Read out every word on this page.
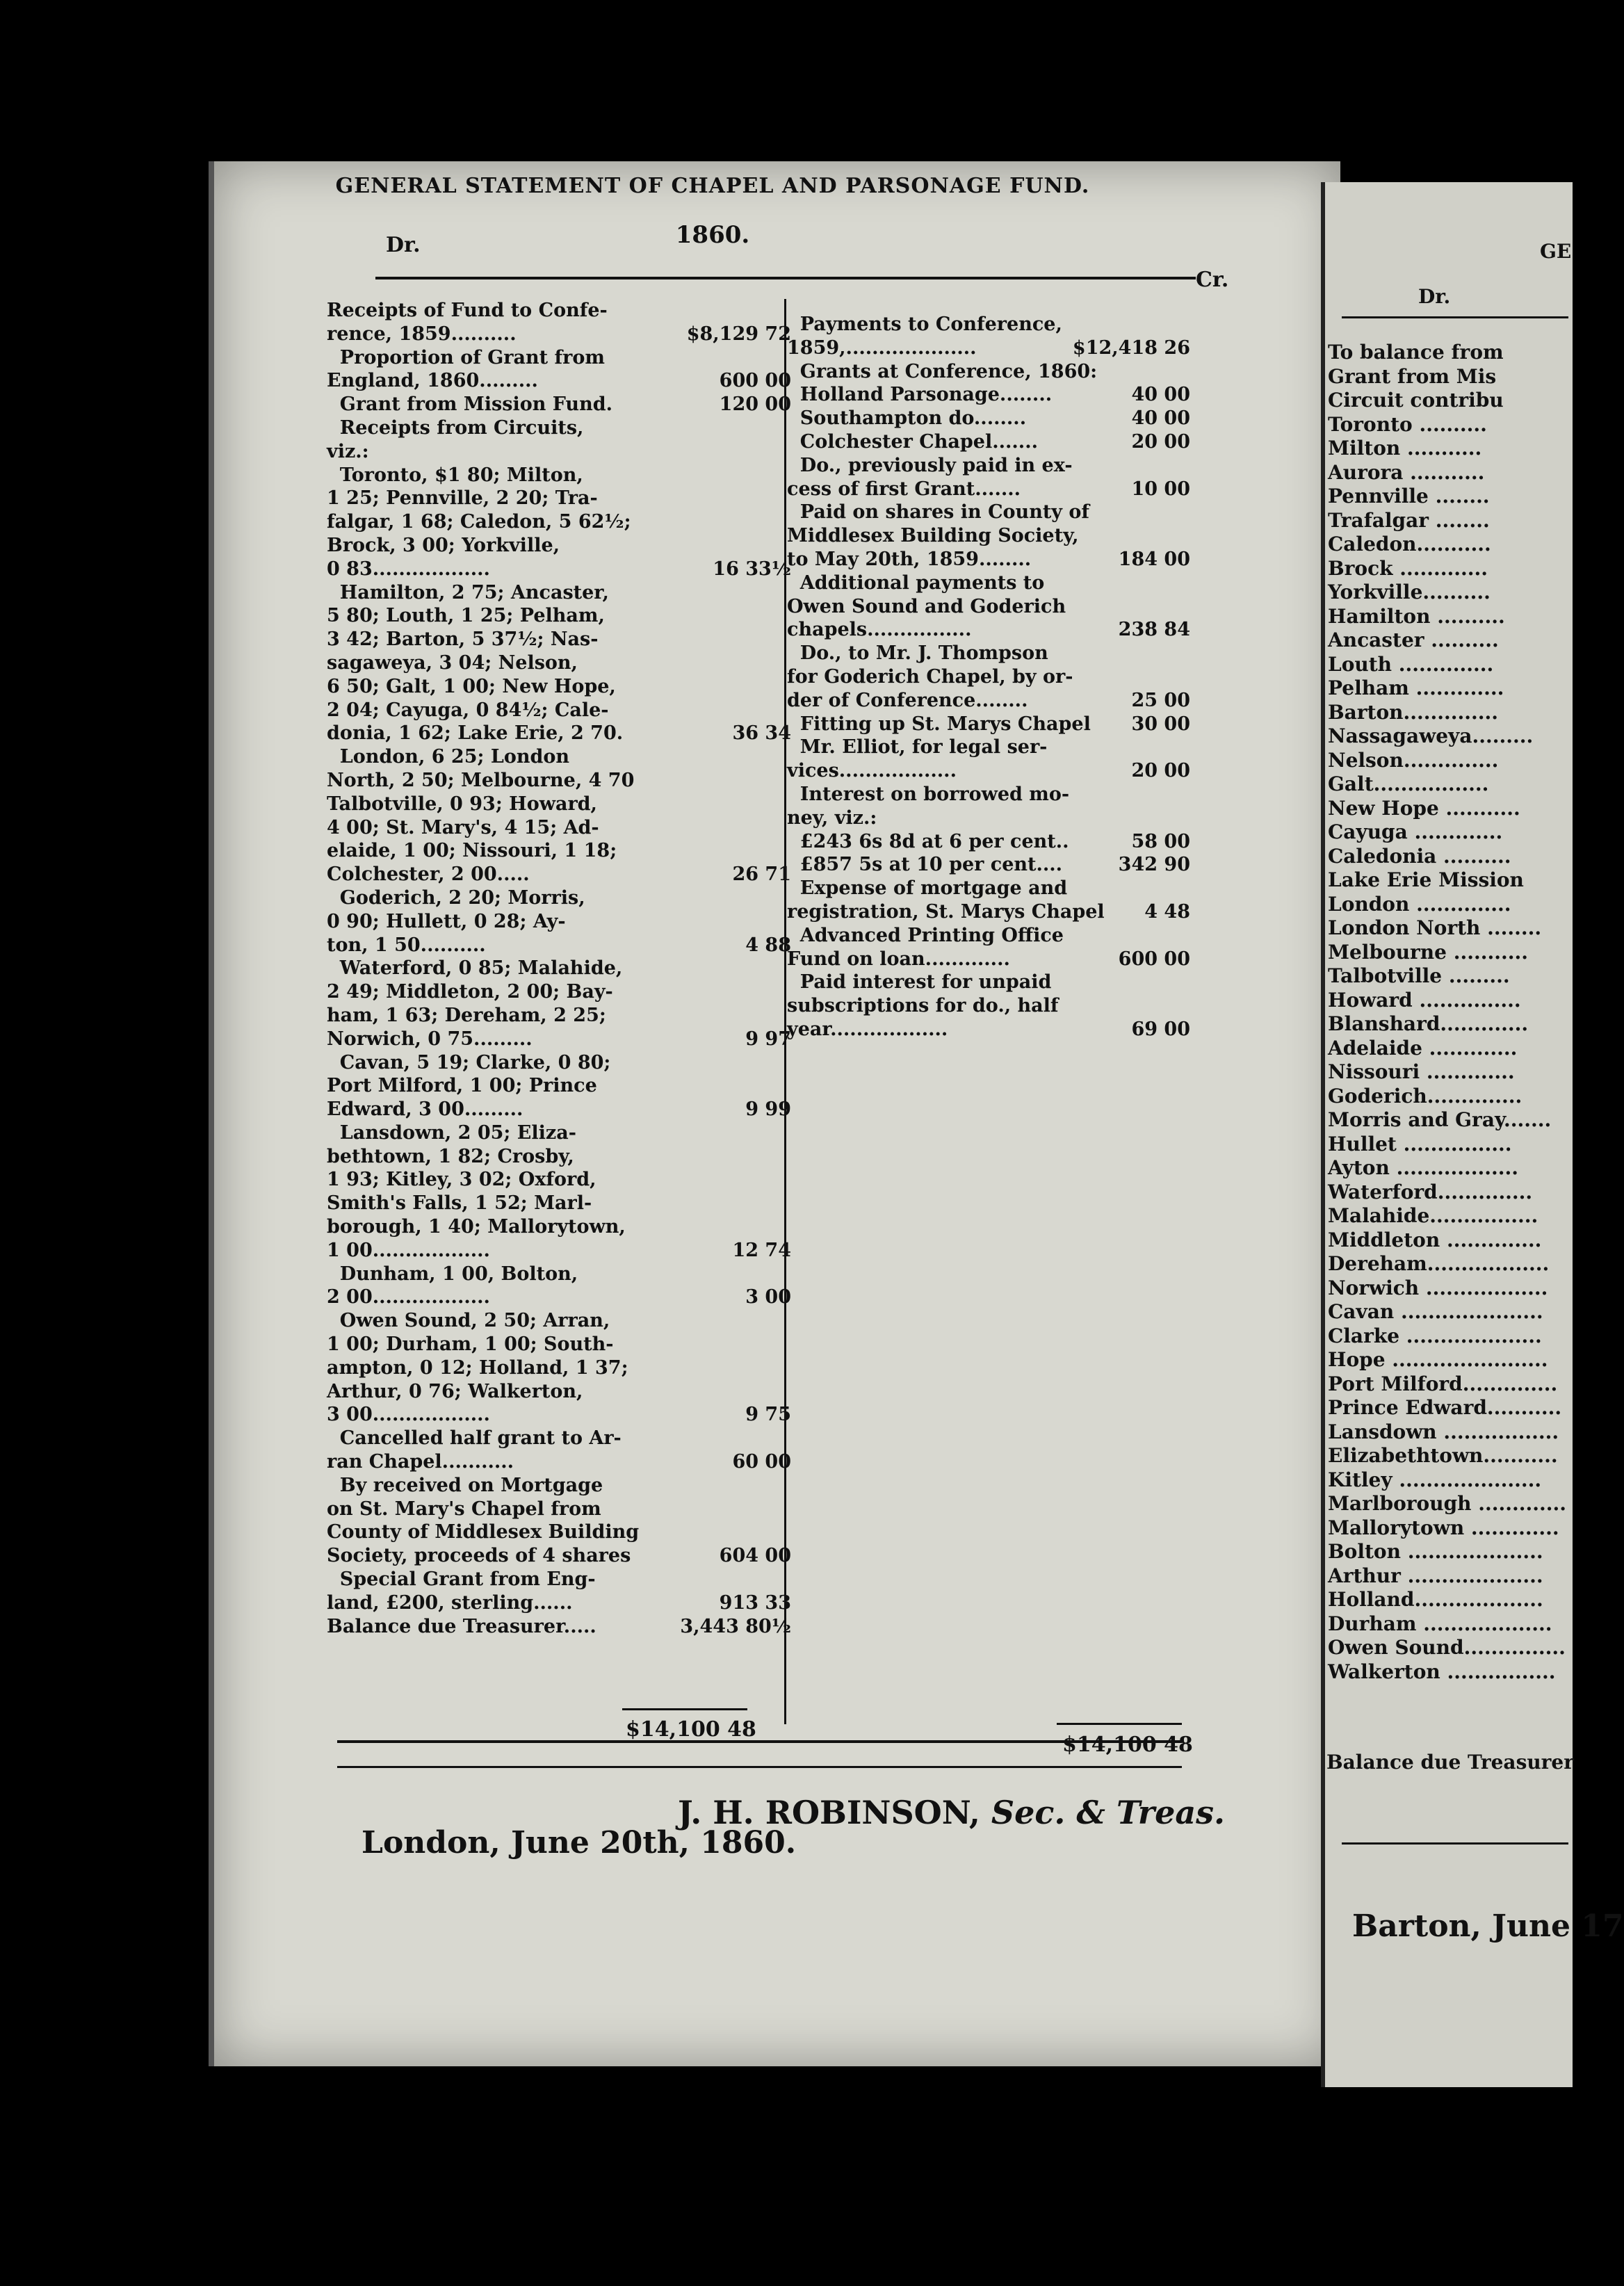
GENERAL STATEMENT OF CHAPEL AND PARSONAGE FUND.
1860.
Dr.
Cr.
Receipts of Fund to Confe-
rence, 1859..........	$8,129 72
Proportion of Grant from
England, 1860.........	600 00
Grant from Mission Fund.	120 00
Receipts from Circuits,
viz.:
Toronto, $1 80; Milton,
1 25; Pennville, 2 20; Tra-
falgar, 1 68; Caledon, 5 62½;
Brock, 3 00; Yorkville,
0 83..................	16 33½
Hamilton, 2 75; Ancaster,
5 80; Louth, 1 25; Pelham,
3 42; Barton, 5 37½; Nas-
sagaweya, 3 04; Nelson,
6 50; Galt, 1 00; New Hope,
2 04; Cayuga, 0 84½; Cale-
donia, 1 62; Lake Erie, 2 70.	36 34
London, 6 25; London
North, 2 50; Melbourne, 4 70
Talbotville, 0 93; Howard,
4 00; St. Mary's, 4 15; Ad-
elaide, 1 00; Nissouri, 1 18;
Colchester, 2 00.....	26 71
Goderich, 2 20; Morris,
0 90; Hullett, 0 28; Ay-
ton, 1 50..........	4 88
Waterford, 0 85; Malahide,
2 49; Middleton, 2 00; Bay-
ham, 1 63; Dereham, 2 25;
Norwich, 0 75.........	9 97
Cavan, 5 19; Clarke, 0 80;
Port Milford, 1 00; Prince
Edward, 3 00.........	9 99
Lansdown, 2 05; Eliza-
bethtown, 1 82; Crosby,
1 93; Kitley, 3 02; Oxford,
Smith's Falls, 1 52; Marl-
borough, 1 40; Mallorytown,
1 00..................	12 74
Dunham, 1 00, Bolton,
2 00..................	3 00
Owen Sound, 2 50; Arran,
1 00; Durham, 1 00; South-
ampton, 0 12; Holland, 1 37;
Arthur, 0 76; Walkerton,
3 00..................	9 75
Cancelled half grant to Ar-
ran Chapel...........	60 00
By received on Mortgage
on St. Mary's Chapel from
County of Middlesex Building
Society, proceeds of 4 shares	604 00
Special Grant from Eng-
land, £200, sterling......	913 33
Balance due Treasurer.....	3,443 80½
Payments to Conference,
1859,....................	$12,418 26
Grants at Conference, 1860:
Holland Parsonage........	40 00
Southampton do........	40 00
Colchester Chapel.......	20 00
Do., previously paid in ex-
cess of first Grant.......	10 00
Paid on shares in County of
Middlesex Building Society,
to May 20th, 1859........	184 00
Additional payments to
Owen Sound and Goderich
chapels................	238 84
Do., to Mr. J. Thompson
for Goderich Chapel, by or-
der of Conference........	25 00
Fitting up St. Marys Chapel 30 00
Mr. Elliot, for legal ser-
vices..................	20 00
Interest on borrowed mo-
ney, viz.:
£243 6s 8d at 6 per cent..	58 00
£857 5s at 10 per cent....	342 90
Expense of mortgage and
registration, St. Marys Chapel 4 48
Advanced Printing Office
Fund on loan.............	600 00
Paid interest for unpaid
subscriptions for do., half
year..................	69 00
$14,100 48
$14,100 48
J. H. ROBINSON, Sec. & Treas.
London, June 20th, 1860.
GE
Dr.
To balance from
Grant from Mis
Circuit contribu
Toronto ..........
Milton ...........
Aurora ...........
Pennville ........
Trafalgar ........
Caledon...........
Brock .............
Yorkville..........
Hamilton ..........
Ancaster ..........
Louth ..............
Pelham .............
Barton..............
Nassagaweya.........
Nelson..............
Galt.................
New Hope ...........
Cayuga .............
Caledonia ..........
Lake Erie Mission
London ..............
London North ........
Melbourne ...........
Talbotville .........
Howard ...............
Blanshard.............
Adelaide .............
Nissouri .............
Goderich..............
Morris and Gray.......
Hullet ................
Ayton ..................
Waterford..............
Malahide................
Middleton ..............
Dereham..................
Norwich ..................
Cavan .....................
Clarke ....................
Hope .......................
Port Milford..............
Prince Edward...........
Lansdown .................
Elizabethtown...........
Kitley .....................
Marlborough .............
Mallorytown .............
Bolton ....................
Arthur ....................
Holland...................
Durham ...................
Owen Sound...............
Walkerton ................
Balance due Treasurer
Barton, June 17
